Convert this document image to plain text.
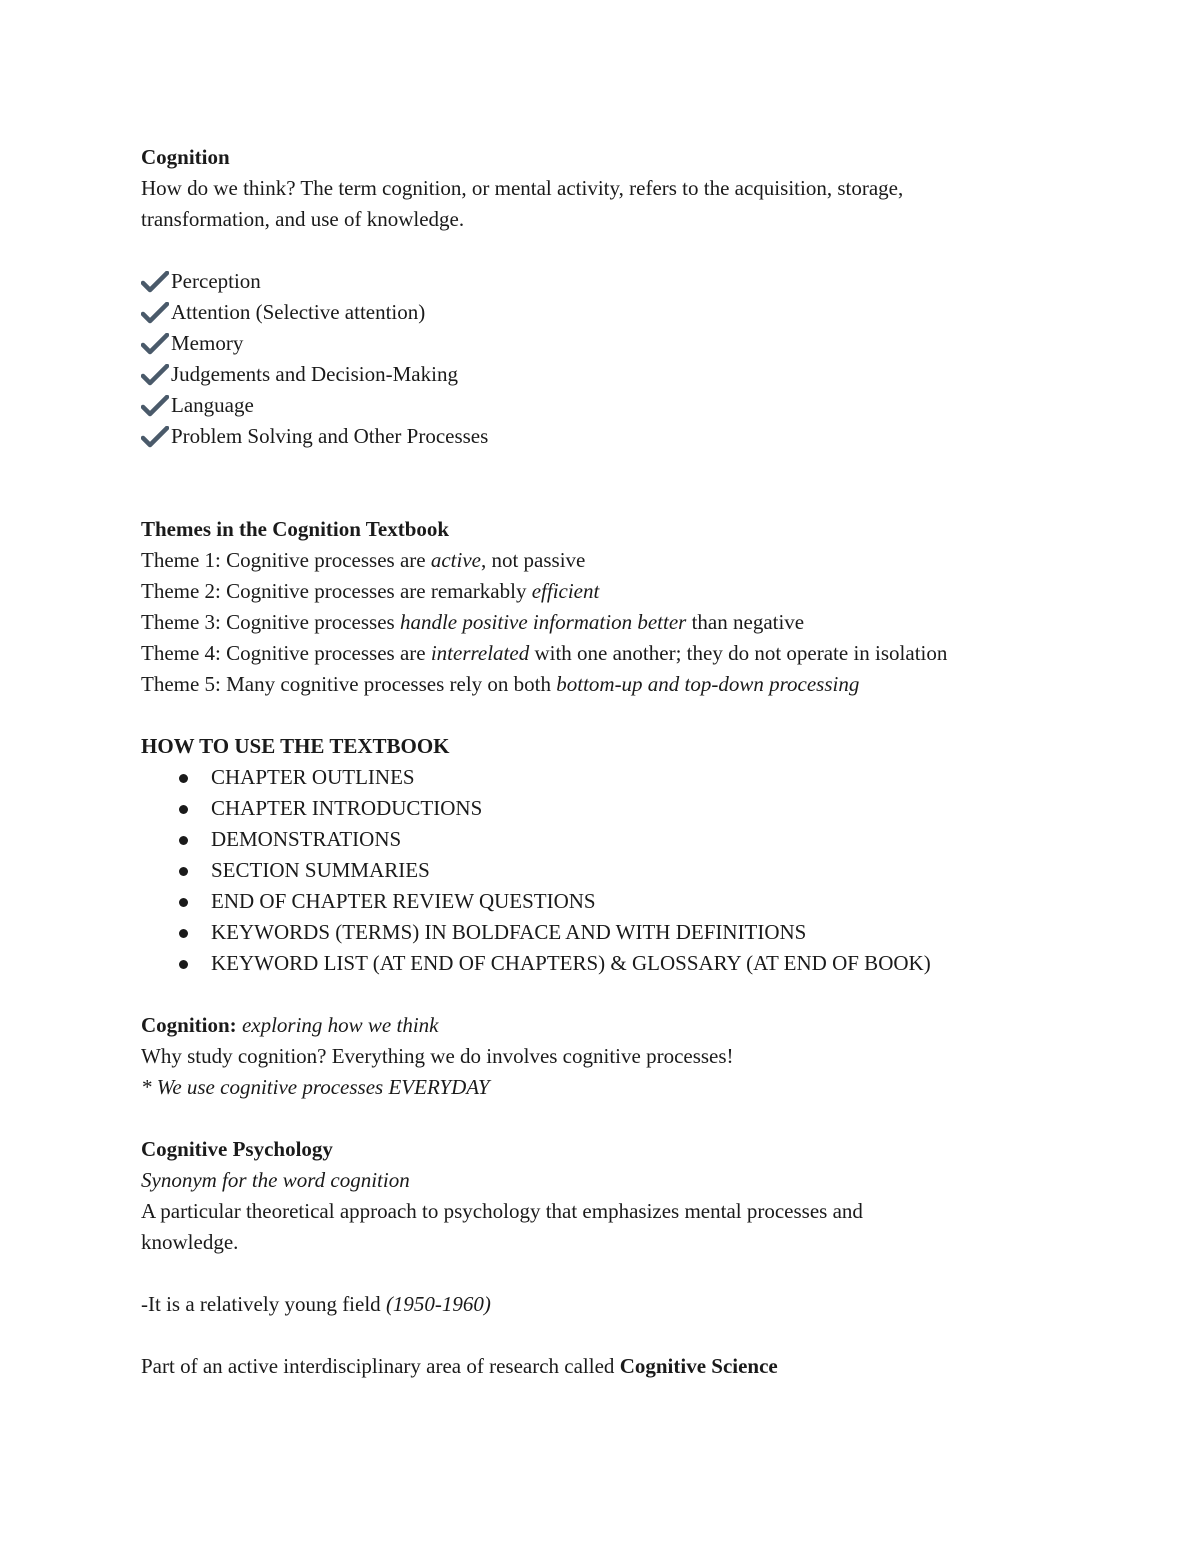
Cognition

How do we think? The term cognition, or mental activity, refers to the acquisition, storage,

transformation, and use of knowledge.

Perception
Attention (Selective attention)
Memory
Judgements and Decision-Making
Language
Problem Solving and Other Processes

Themes in the Cognition Textbook

Theme 1: Cognitive processes are active, not passive

Theme 2: Cognitive processes are remarkably efficient

Theme 3: Cognitive processes handle positive information better than negative

Theme 4: Cognitive processes are interrelated with one another; they do not operate in isolation

Theme 5: Many cognitive processes rely on both bottom-up and top-down processing

HOW TO USE THE TEXTBOOK

CHAPTER OUTLINES
CHAPTER INTRODUCTIONS
DEMONSTRATIONS
SECTION SUMMARIES
END OF CHAPTER REVIEW QUESTIONS
KEYWORDS (TERMS) IN BOLDFACE AND WITH DEFINITIONS
KEYWORD LIST (AT END OF CHAPTERS) & GLOSSARY (AT END OF BOOK)

Cognition: exploring how we think

Why study cognition? Everything we do involves cognitive processes!

* We use cognitive processes EVERYDAY

Cognitive Psychology

Synonym for the word cognition

A particular theoretical approach to psychology that emphasizes mental processes and

knowledge.

-It is a relatively young field (1950-1960)

Part of an active interdisciplinary area of research called Cognitive Science
